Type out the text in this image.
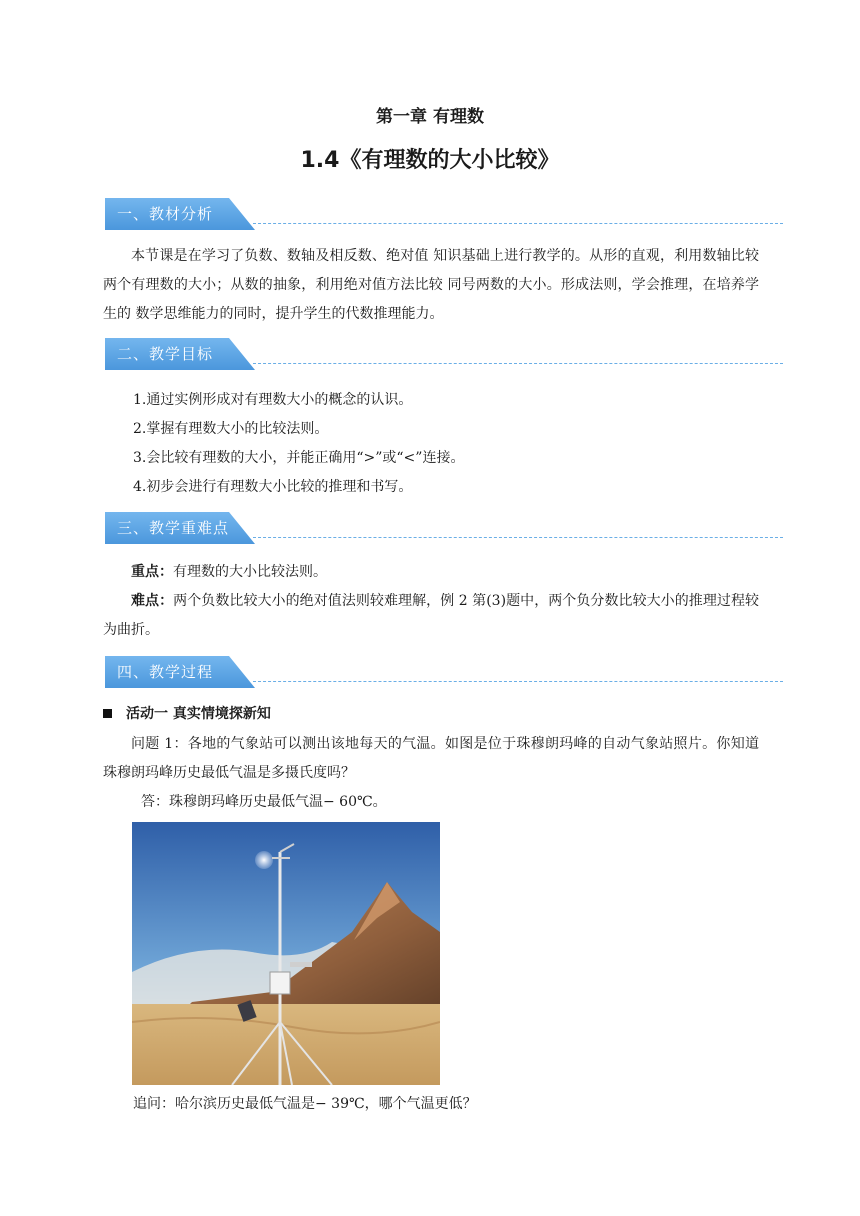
第一章 有理数
1.4《有理数的大小比较》
一、教材分析
本节课是在学习了负数、数轴及相反数、绝对值 知识基础上进行教学的。从形的直观，利用数轴比较两个有理数的大小；从数的抽象，利用绝对值方法比较 同号两数的大小。形成法则，学会推理，在培养学生的 数学思维能力的同时，提升学生的代数推理能力。
二、教学目标
1.通过实例形成对有理数大小的概念的认识。
2.掌握有理数大小的比较法则。
3.会比较有理数的大小，并能正确用“>”或“<”连接。
4.初步会进行有理数大小比较的推理和书写。
三、教学重难点
重点：有理数的大小比较法则。
难点：两个负数比较大小的绝对值法则较难理解，例 2 第(3)题中，两个负分数比较大小的推理过程较为曲折。
四、教学过程
活动一 真实情境探新知
问题 1：各地的气象站可以测出该地每天的气温。如图是位于珠穆朗玛峰的自动气象站照片。你知道珠穆朗玛峰历史最低气温是多摄氏度吗？
答：珠穆朗玛峰历史最低气温− 60℃。
追问：哈尔滨历史最低气温是− 39℃，哪个气温更低？
